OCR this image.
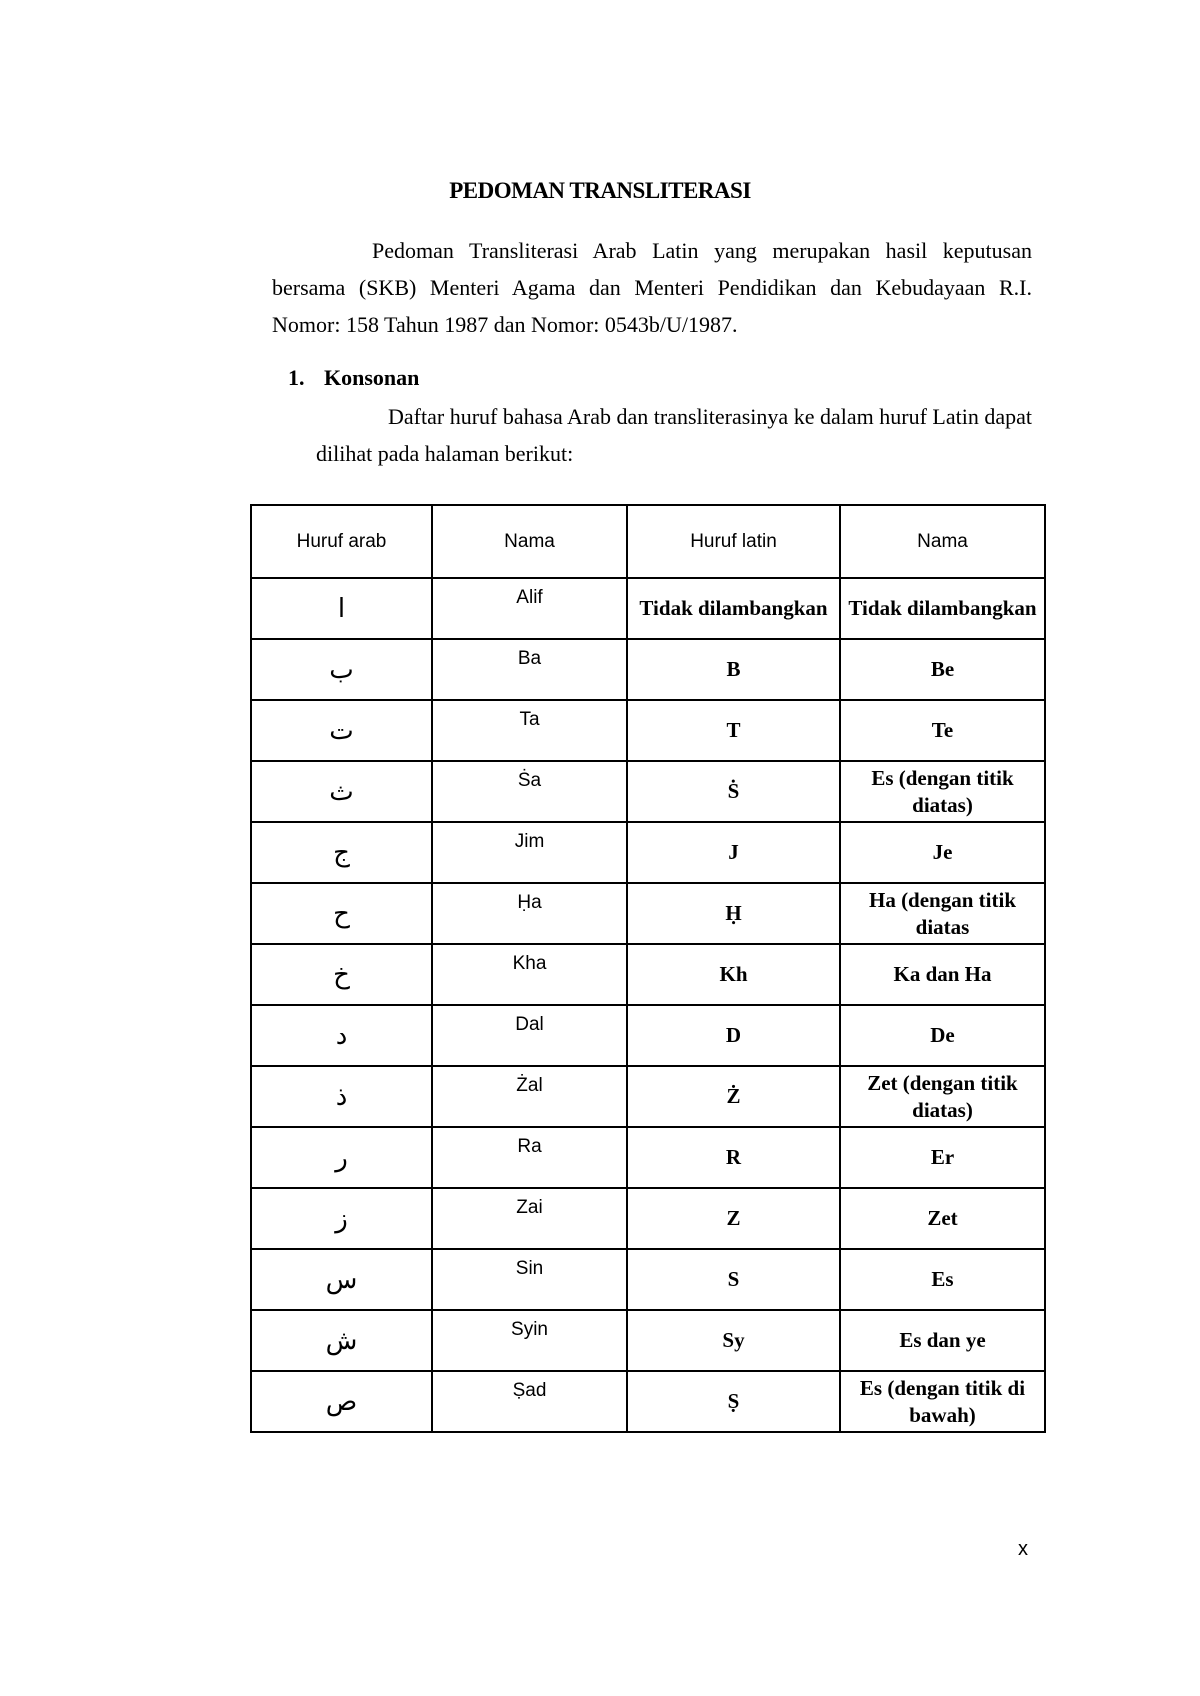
PEDOMAN TRANSLITERASI

Pedoman Transliterasi Arab Latin yang merupakan hasil keputusan bersama (SKB) Menteri Agama dan Menteri Pendidikan dan Kebudayaan R.I. Nomor: 158 Tahun 1987 dan Nomor: 0543b/U/1987.

1. Konsonan

Daftar huruf bahasa Arab dan transliterasinya ke dalam huruf Latin dapat dilihat pada halaman berikut:

Huruf arab	Nama	Huruf latin	Nama
ا	Alif	Tidak dilambangkan	Tidak dilambangkan
ب	Ba	B	Be
ت	Ta	T	Te
ث	Ṡa	Ṡ	Es (dengan titik diatas)
ج	Jim	J	Je
ح	Ḥa	Ḥ	Ha (dengan titik diatas
خ	Kha	Kh	Ka dan Ha
د	Dal	D	De
ذ	Żal	Ż	Zet (dengan titik diatas)
ر	Ra	R	Er
ز	Zai	Z	Zet
س	Sin	S	Es
ش	Syin	Sy	Es dan ye
ص	Ṣad	Ṣ	Es (dengan titik di bawah)
x
